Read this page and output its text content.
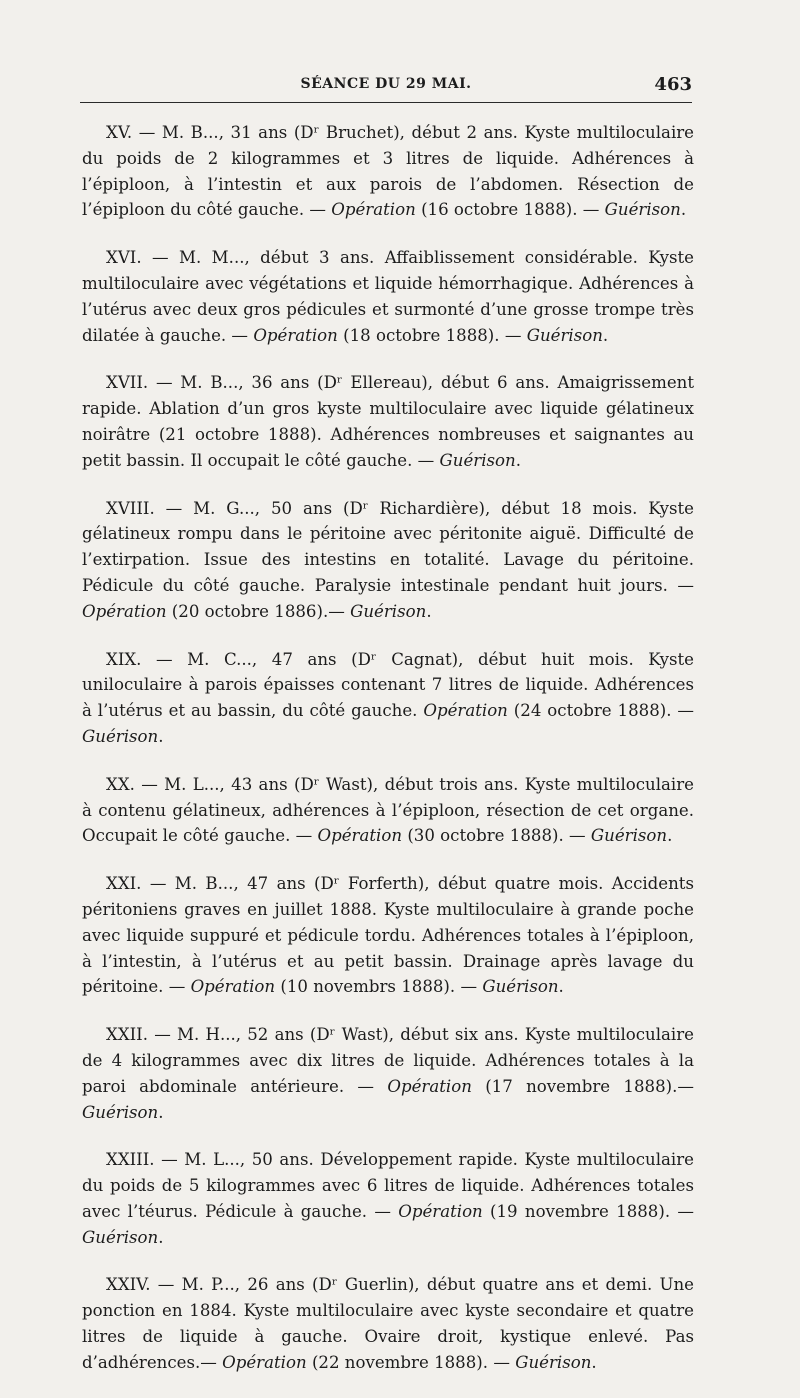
SÉANCE DU 29 MAI.	463

XV. — M. B..., 31 ans (Dʳ Bruchet), début 2 ans. Kyste multiloculaire du poids de 2 kilogrammes et 3 litres de liquide. Adhérences à l’épiploon, à l’intestin et aux parois de l’abdomen. Résection de l’épiploon du côté gauche. — Opération (16 octobre 1888). — Guérison.

XVI. — M. M..., début 3 ans. Affaiblissement considérable. Kyste multiloculaire avec végétations et liquide hémorrhagique. Adhérences à l’utérus avec deux gros pédicules et surmonté d’une grosse trompe très dilatée à gauche. — Opération (18 octobre 1888). — Guérison.

XVII. — M. B..., 36 ans (Dʳ Ellereau), début 6 ans. Amaigrissement rapide. Ablation d’un gros kyste multiloculaire avec liquide gélatineux noirâtre (21 octobre 1888). Adhérences nombreuses et saignantes au petit bassin. Il occupait le côté gauche. — Guérison.

XVIII. — M. G..., 50 ans (Dʳ Richardière), début 18 mois. Kyste gélatineux rompu dans le péritoine avec péritonite aiguë. Difficulté de l’extirpation. Issue des intestins en totalité. Lavage du péritoine. Pédicule du côté gauche. Paralysie intestinale pendant huit jours. — Opération (20 octobre 1886).— Guérison.

XIX. — M. C..., 47 ans (Dʳ Cagnat), début huit mois. Kyste uniloculaire à parois épaisses contenant 7 litres de liquide. Adhérences à l’utérus et au bassin, du côté gauche. Opération (24 octobre 1888). — Guérison.

XX. — M. L..., 43 ans (Dʳ Wast), début trois ans. Kyste multiloculaire à contenu gélatineux, adhérences à l’épiploon, résection de cet organe. Occupait le côté gauche. — Opération (30 octobre 1888). — Guérison.

XXI. — M. B..., 47 ans (Dʳ Forferth), début quatre mois. Accidents péritoniens graves en juillet 1888. Kyste multiloculaire à grande poche avec liquide suppuré et pédicule tordu. Adhérences totales à l’épiploon, à l’intestin, à l’utérus et au petit bassin. Drainage après lavage du péritoine. — Opération (10 novembrs 1888). — Guérison.

XXII. — M. H..., 52 ans (Dʳ Wast), début six ans. Kyste multiloculaire de 4 kilogrammes avec dix litres de liquide. Adhérences totales à la paroi abdominale antérieure. — Opération (17 novembre 1888).— Guérison.

XXIII. — M. L..., 50 ans. Développement rapide. Kyste multiloculaire du poids de 5 kilogrammes avec 6 litres de liquide. Adhérences totales avec l’téurus. Pédicule à gauche. — Opération (19 novembre 1888). — Guérison.

XXIV. — M. P..., 26 ans (Dʳ Guerlin), début quatre ans et demi. Une ponction en 1884. Kyste multiloculaire avec kyste secondaire et quatre litres de liquide à gauche. Ovaire droit, kystique enlevé. Pas d’adhérences.— Opération (22 novembre 1888). — Guérison.
